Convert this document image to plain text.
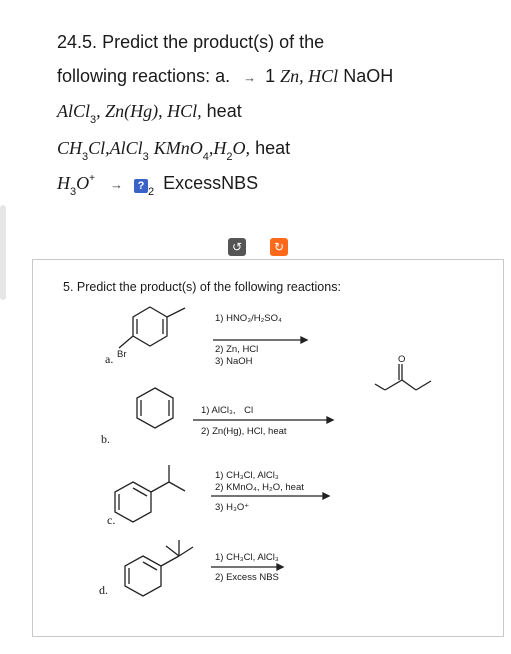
24.5. Predict the product(s) of the
following reactions: a. → 1 Zn, HCl NaOH
AlCl$_3$, Zn(Hg), HCl, heat
$CH_3Cl,AlCl_3$ $KMnO_4,H_2O$, heat
$H_3O^+$ → ? $_2$ ExcessNBS
↺	↻
5. Predict the product(s) of the following reactions:
a. Br
1) HNO₃/H₂SO₄
2) Zn, HCl
3) NaOH
b.
O
1) AlCl₃, Cl
2) Zn(Hg), HCl, heat
c.
1) CH₃Cl, AlCl₃
2) KMnO₄, H₂O, heat
3) H₃O⁺
d.
1) CH₃Cl, AlCl₃
2) Excess NBS
